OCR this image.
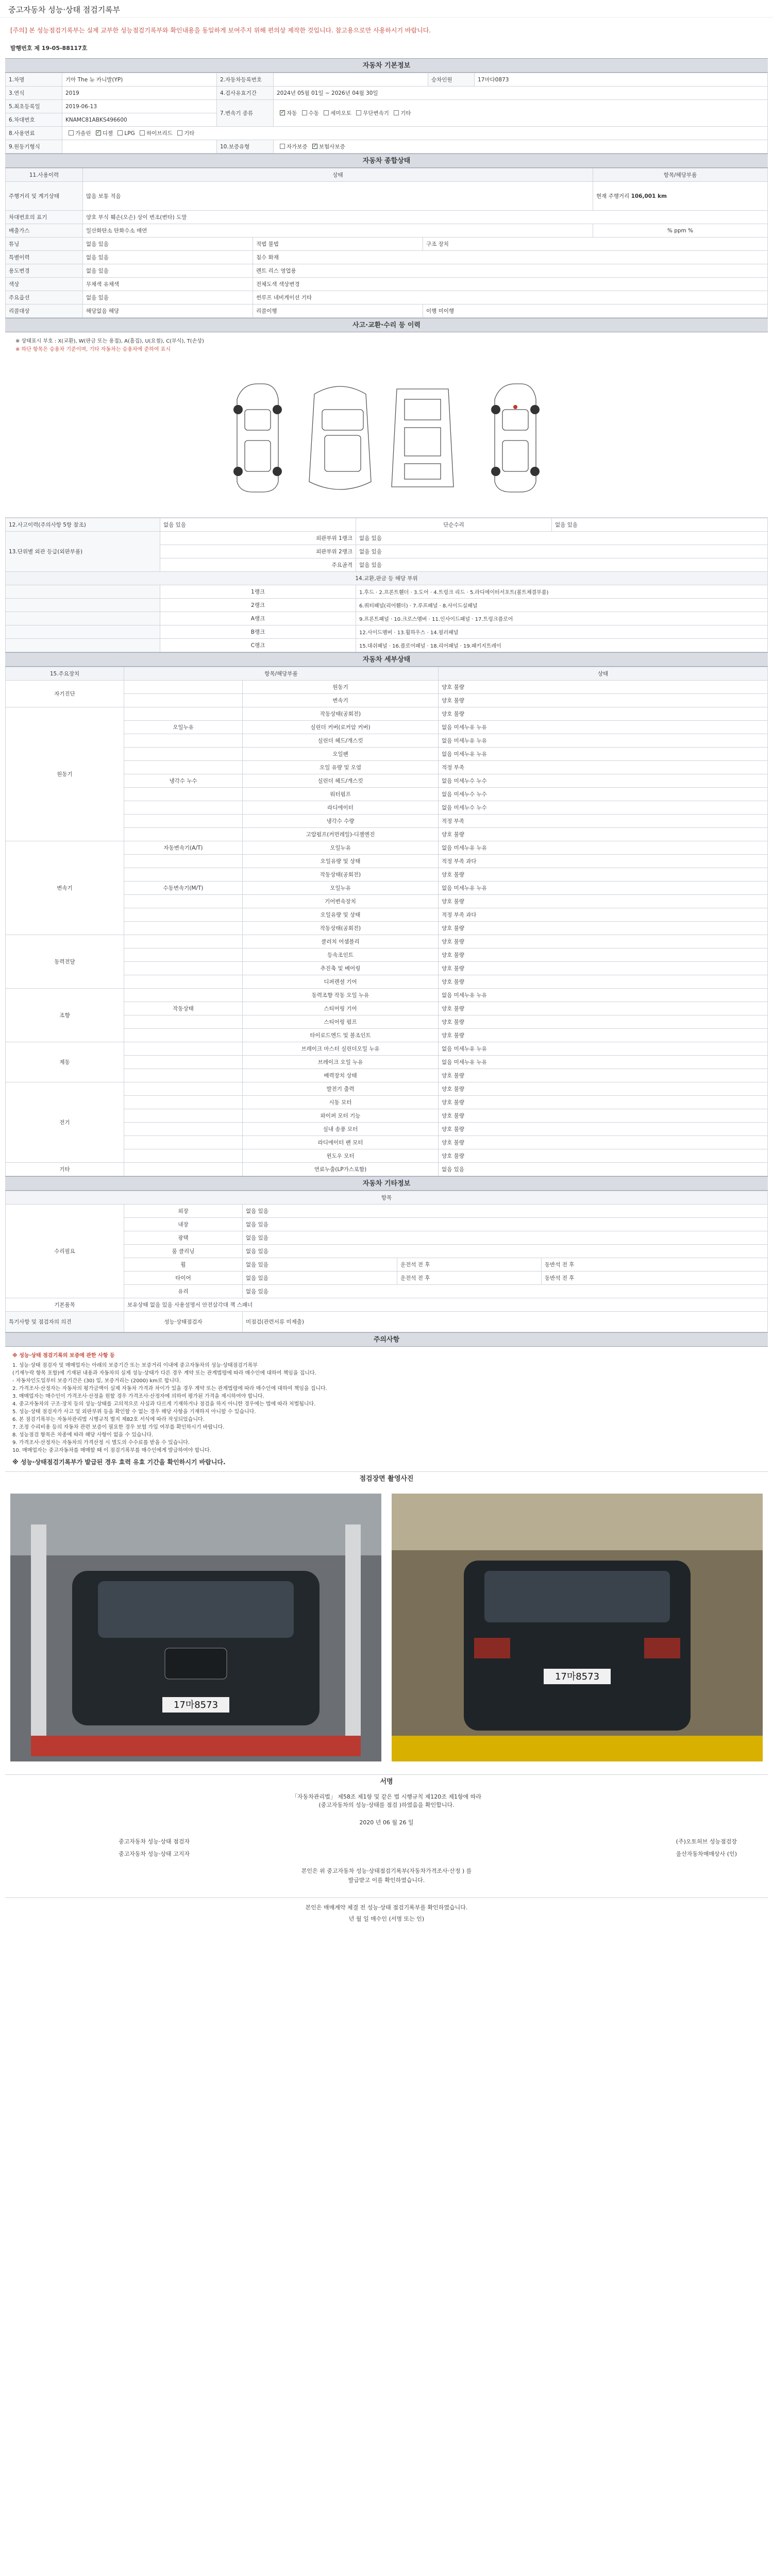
중고자동차 성능·상태 점검기록부
[주의] 본 성능점검기록부는 실제 교부한 성능점검기록부와 확인내용을 동일하게 보여주지 위해 편의상 제작한 것입니다. 참고용으로만 사용하시기 바랍니다.
발행번호 제 19-05-88117호
자동차 기본정보
1.차명	기아 The 뉴 카니발(YP)	2.자동차등록번호		승차인원	17마다0873
3.연식	2019	4.검사유효기간	2024년 05월 01일 ~ 2026년 04월 30일		
5.최초등록일	2019-06-13	7.변속기 종류	✓자동 수동 세미오토 무단변속기 기타
6.차대번호	KNAMC81ABKS496600				
8.사용연료	가솔린 ✓ 디젤 LPG 하이브리드 기타
9.원동기형식		10.보증유형	자가보증 ✓ 보험사보증
자동차 종합상태
11.사용이력	상태			항목/해당부품
주행거리 및 계기상태	많음 보통 적음			현재 주행거리 106,001 km
차대번호의 표기	양호 부식 훼손(오손) 상이 변조(변타) 도말			
배출가스	일산화탄소 탄화수소 매연			% ppm %
튜닝	없음 있음	적법 불법	구조 장치	
특별이력	없음 있음	침수 화재		
용도변경	없음 있음	렌트 리스 영업용		
색상	무채색 유채색	전체도색 색상변경		
주요옵션	없음 있음	썬루프 네비게이션 기타		
리콜대상	해당없음 해당	리콜이행	이행 미이행	
사고·교환·수리 등 이력
※ 상태표시 부호 : X(교환), W(판금 또는 용접), A(흠집), U(요철), C(부식), T(손상)
※ 하단 항목은 승용차 기준이며, 기타 자동차는 승용차에 준하여 표시
12.사고이력(주의사항 5항 참조)	없음 있음	단순수리	없음 있음
13.단위별 외관 등급(외판부품)	외판부위 1랭크	없음 있음	
	외판부위 2랭크	없음 있음	
	주요골격	없음 있음	
14.교환,판금 등 해당 부위			
	1랭크	1.후드 · 2.프론트휀더 · 3.도어 · 4.트렁크 리드 · 5.라디에이터서포트(볼트체결부품)	
	2랭크	6.쿼터패널(리어휀더) · 7.루프패널 · 8.사이드실패널	
	A랭크	9.프론트패널 · 10.크로스멤버 · 11.인사이드패널 · 17.트렁크플로어	
	B랭크	12.사이드멤버 · 13.휠하우스 · 14.필러패널	
	C랭크	15.대쉬패널 · 16.플로어패널 · 18.리어패널 · 19.패키지트레이	
자동차 세부상태
15.주요장치	항목/해당부품		상태
자기진단		원동기	양호 불량
		변속기	양호 불량
원동기		작동상태(공회전)	양호 불량
	오일누유	실린더 커버(로커암 커버)	없음 미세누유 누유
		실린더 헤드/개스킷	없음 미세누유 누유
		오일팬	없음 미세누유 누유
		오일 유량 및 오염	적정 부족
	냉각수 누수	실린더 헤드/개스킷	없음 미세누수 누수
		워터펌프	없음 미세누수 누수
		라디에이터	없음 미세누수 누수
		냉각수 수량	적정 부족
		고압펌프(커먼레일)-디젤엔진	양호 불량
변속기	자동변속기(A/T)	오일누유	없음 미세누유 누유
		오일유량 및 상태	적정 부족 과다
		작동상태(공회전)	양호 불량
	수동변속기(M/T)	오일누유	없음 미세누유 누유
		기어변속장치	양호 불량
		오일유량 및 상태	적정 부족 과다
		작동상태(공회전)	양호 불량
동력전달		클러치 어셈블리	양호 불량
		등속조인트	양호 불량
		추진축 및 베어링	양호 불량
		디퍼렌셜 기어	양호 불량
조향		동력조향 작동 오일 누유	없음 미세누유 누유
	작동상태	스티어링 기어	양호 불량
		스티어링 펌프	양호 불량
		타이로드엔드 및 볼조인트	양호 불량
제동		브레이크 마스터 실린더오일 누유	없음 미세누유 누유
		브레이크 오일 누유	없음 미세누유 누유
		배력장치 상태	양호 불량
전기		발전기 출력	양호 불량
		시동 모터	양호 불량
		와이퍼 모터 기능	양호 불량
		실내 송풍 모터	양호 불량
		라디에이터 팬 모터	양호 불량
		윈도우 모터	양호 불량
기타		연료누출(LP가스포함)	없음 있음
자동차 기타정보
항목				
수리필요	외장	없음 있음		
	내장	없음 있음		
	광택	없음 있음		
	룸 클리닝	없음 있음		
	휠	없음 있음	운전석 전 후	동반석 전 후
	타이어	없음 있음	운전석 전 후	동반석 전 후
	유리	없음 있음		
기본품목	보유상태 없음 있음 사용설명서 안전삼각대 잭 스패너			
특기사항 및 점검자의 의견	성능·상태점검자	미점검(관련서류 미제출)		
주의사항
※ 성능·상태 점검기록의 보증에 관한 사항 등
1. 성능·상태 점검자 및 매매업자는 아래의 보증기간 또는 보증거리 이내에 중고자동차의 성능·상태점검기록부
(기재누락 항목 포함)에 기재된 내용과 자동차의 실제 성능·상태가 다른 경우 계약 또는 관계법령에 따라 매수인에 대하여 책임을 집니다.
- 자동차인도일부터 보증기간은 (30) 일, 보증거리는 (2000) km로 합니다.
2. 가격조사·산정자는 자동차의 평가금액이 실제 자동차 가격과 차이가 있을 경우 계약 또는 관계법령에 따라 매수인에 대하여 책임을 집니다.
3. 매매업자는 매수인이 가격조사·산정을 원할 경우 가격조사·산정자에 의하여 평가된 가격을 제시하여야 합니다.
4. 중고자동차의 구조·장치 등의 성능·상태를 고의적으로 사실과 다르게 기재하거나 점검을 하지 아니한 경우에는 법에 따라 처벌됩니다.
5. 성능·상태 점검자가 사고 및 외판부위 등을 확인할 수 없는 경우 해당 사항을 기재하지 아니할 수 있습니다.
6. 본 점검기록부는 자동차관리법 시행규칙 별지 제82호 서식에 따라 작성되었습니다.
7. 조정 수리비용 등의 자동차 관련 보증이 필요한 경우 보험 가입 여부를 확인하시기 바랍니다.
8. 성능점검 항목은 차종에 따라 해당 사항이 없을 수 있습니다.
9. 가격조사·산정자는 자동차의 가격산정 시 별도의 수수료를 받을 수 있습니다.
10. 매매업자는 중고자동차를 매매할 때 이 점검기록부를 매수인에게 발급하여야 합니다.
※ 성능·상태점검기록부가 발급된 경우 효력 유효 기간을 확인하시기 바랍니다.
점검장면 촬영사진
17마8573
17마8573
서명
「자동차관리법」 제58조 제1항 및 같은 법 시행규칙 제120조 제1항에 따라
(중고자동차의 성능·상태를 점검 )하였음을 확인합니다.
2020 년 06 월 26 일
중고자동차 성능·상태 점검자
중고자동차 성능·상태 고지자
(주)오토허브 성능점검장
울산자동차매매상사 (인)
본인은 위 중고자동차 성능·상태점검기록부(자동차가격조사·산정 ) 를
발급받고 이를 확인하였습니다.
본인은 매매계약 체결 전 성능·상태 점검기록부를 확인하였습니다.
년 월 일 매수인 (서명 또는 인)
